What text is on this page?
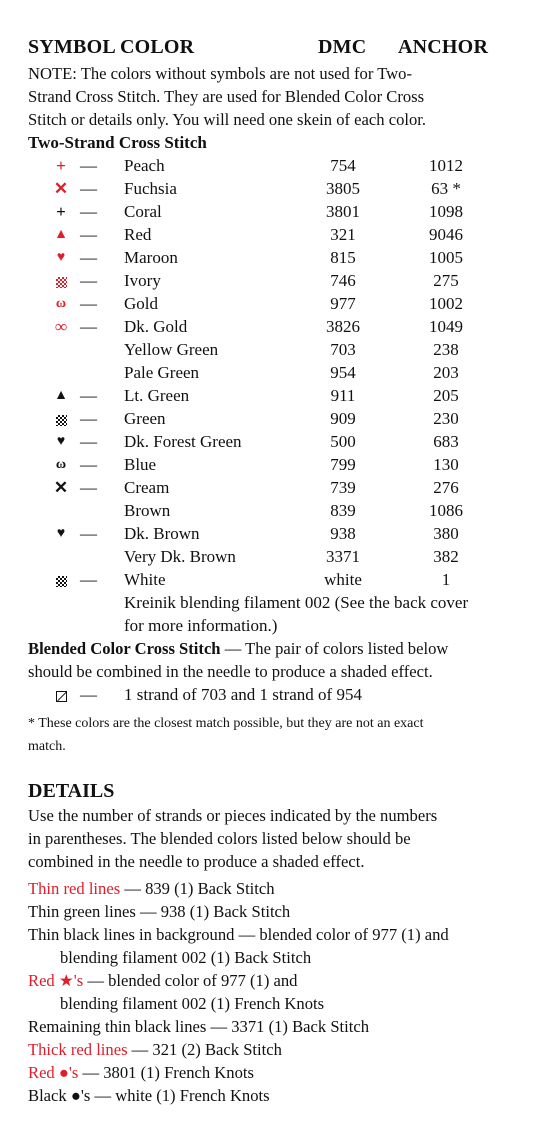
SYMBOL COLOR	DMC ANCHOR
NOTE: The colors without symbols are not used for Two-
Strand Cross Stitch. They are used for Blended Color Cross
Stitch or details only. You will need one skein of each color.
Two-Strand Cross Stitch
+ — Peach	754	1012
✕ — Fuchsia	3805	63 *
+ — Coral	3801	1098
▲ — Red	321	9046
♥ — Maroon	815	1005
— Ivory	746	275
ω — Gold	977	1002
∞ — Dk. Gold	3826	1049
Yellow Green	703	238
Pale Green	954	203
▲ — Lt. Green	911	205
— Green	909	230
♥ — Dk. Forest Green	500	683
ω — Blue	799	130
✕ — Cream	739	276
Brown	839	1086
♥ — Dk. Brown	938	380
Very Dk. Brown	3371	382
— White	white	1
Kreinik blending filament 002 (See the back cover
for more information.)
Blended Color Cross Stitch — The pair of colors listed below
should be combined in the needle to produce a shaded effect.
— 1 strand of 703 and 1 strand of 954
* These colors are the closest match possible, but they are not an exact
match.
DETAILS
Use the number of strands or pieces indicated by the numbers
in parentheses. The blended colors listed below should be
combined in the needle to produce a shaded effect.
Thin red lines — 839 (1) Back Stitch
Thin green lines — 938 (1) Back Stitch
Thin black lines in background — blended color of 977 (1) and
blending filament 002 (1) Back Stitch
Red ★'s — blended color of 977 (1) and
blending filament 002 (1) French Knots
Remaining thin black lines — 3371 (1) Back Stitch
Thick red lines — 321 (2) Back Stitch
Red ●'s — 3801 (1) French Knots
Black ●'s — white (1) French Knots
